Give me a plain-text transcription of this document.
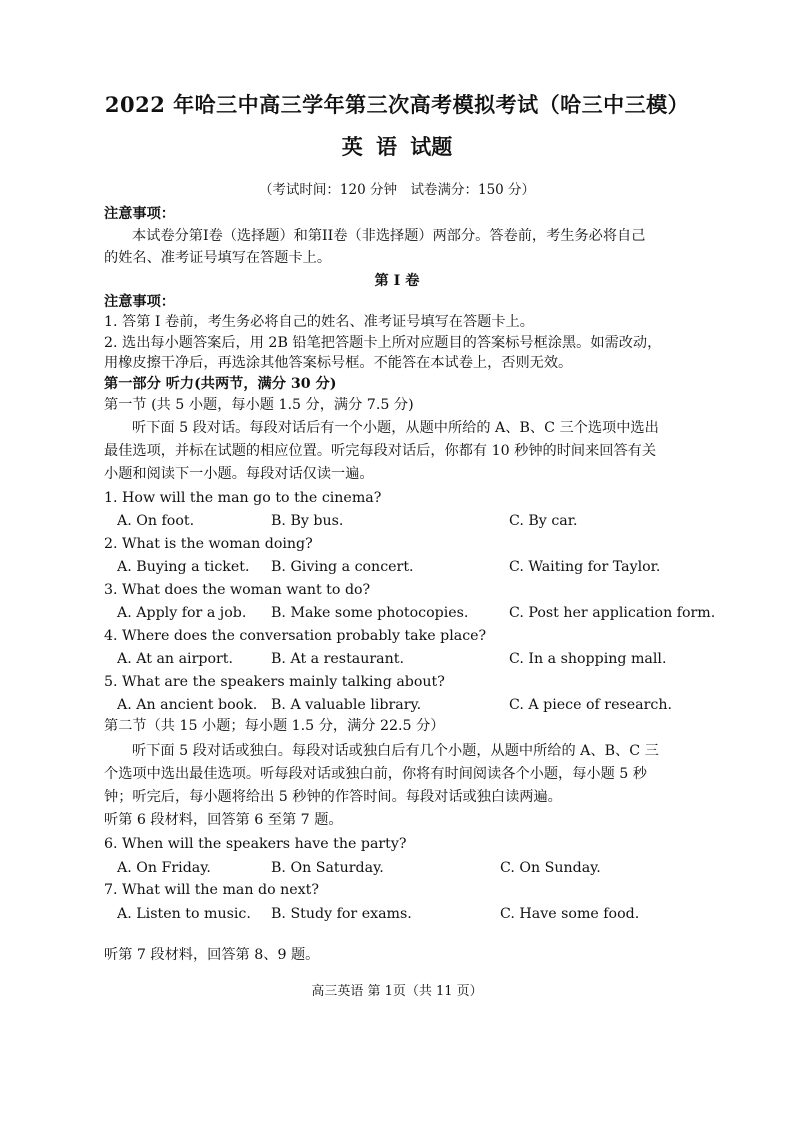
2022 年哈三中高三学年第三次高考模拟考试（哈三中三模）
英 语 试题
（考试时间：120 分钟　试卷满分：150 分）
注意事项：
本试卷分第I卷（选择题）和第II卷（非选择题）两部分。答卷前，考生务必将自己
的姓名、准考证号填写在答题卡上。
第 I 卷
注意事项：
1. 答第 I 卷前，考生务必将自己的姓名、准考证号填写在答题卡上。
2. 选出每小题答案后，用 2B 铅笔把答题卡上所对应题目的答案标号框涂黑。如需改动，
用橡皮擦干净后，再选涂其他答案标号框。不能答在本试卷上，否则无效。
第一部分 听力(共两节，满分 30 分)
第一节 (共 5 小题，每小题 1.5 分，满分 7.5 分)
听下面 5 段对话。每段对话后有一个小题，从题中所给的 A、B、C 三个选项中选出
最佳选项，并标在试题的相应位置。听完每段对话后，你都有 10 秒钟的时间来回答有关
小题和阅读下一小题。每段对话仅读一遍。
1. How will the man go to the cinema?
A. On foot.	B. By bus.	C. By car.
2. What is the woman doing?
A. Buying a ticket. B. Giving a concert.	C. Waiting for Taylor.
3. What does the woman want to do?
A. Apply for a job. B. Make some photocopies.	C. Post her application form.
4. Where does the conversation probably take place?
A. At an airport.	B. At a restaurant.	C. In a shopping mall.
5. What are the speakers mainly talking about?
A. An ancient book. B. A valuable library.	C. A piece of research.
第二节（共 15 小题；每小题 1.5 分，满分 22.5 分）
听下面 5 段对话或独白。每段对话或独白后有几个小题，从题中所给的 A、B、C 三
个选项中选出最佳选项。听每段对话或独白前，你将有时间阅读各个小题，每小题 5 秒
钟；听完后，每小题将给出 5 秒钟的作答时间。每段对话或独白读两遍。
听第 6 段材料，回答第 6 至第 7 题。
6. When will the speakers have the party?
A. On Friday.	B. On Saturday.	C. On Sunday.
7. What will the man do next?
A. Listen to music. B. Study for exams.	C. Have some food.
听第 7 段材料，回答第 8、9 题。
高三英语 第 1页（共 11 页）
